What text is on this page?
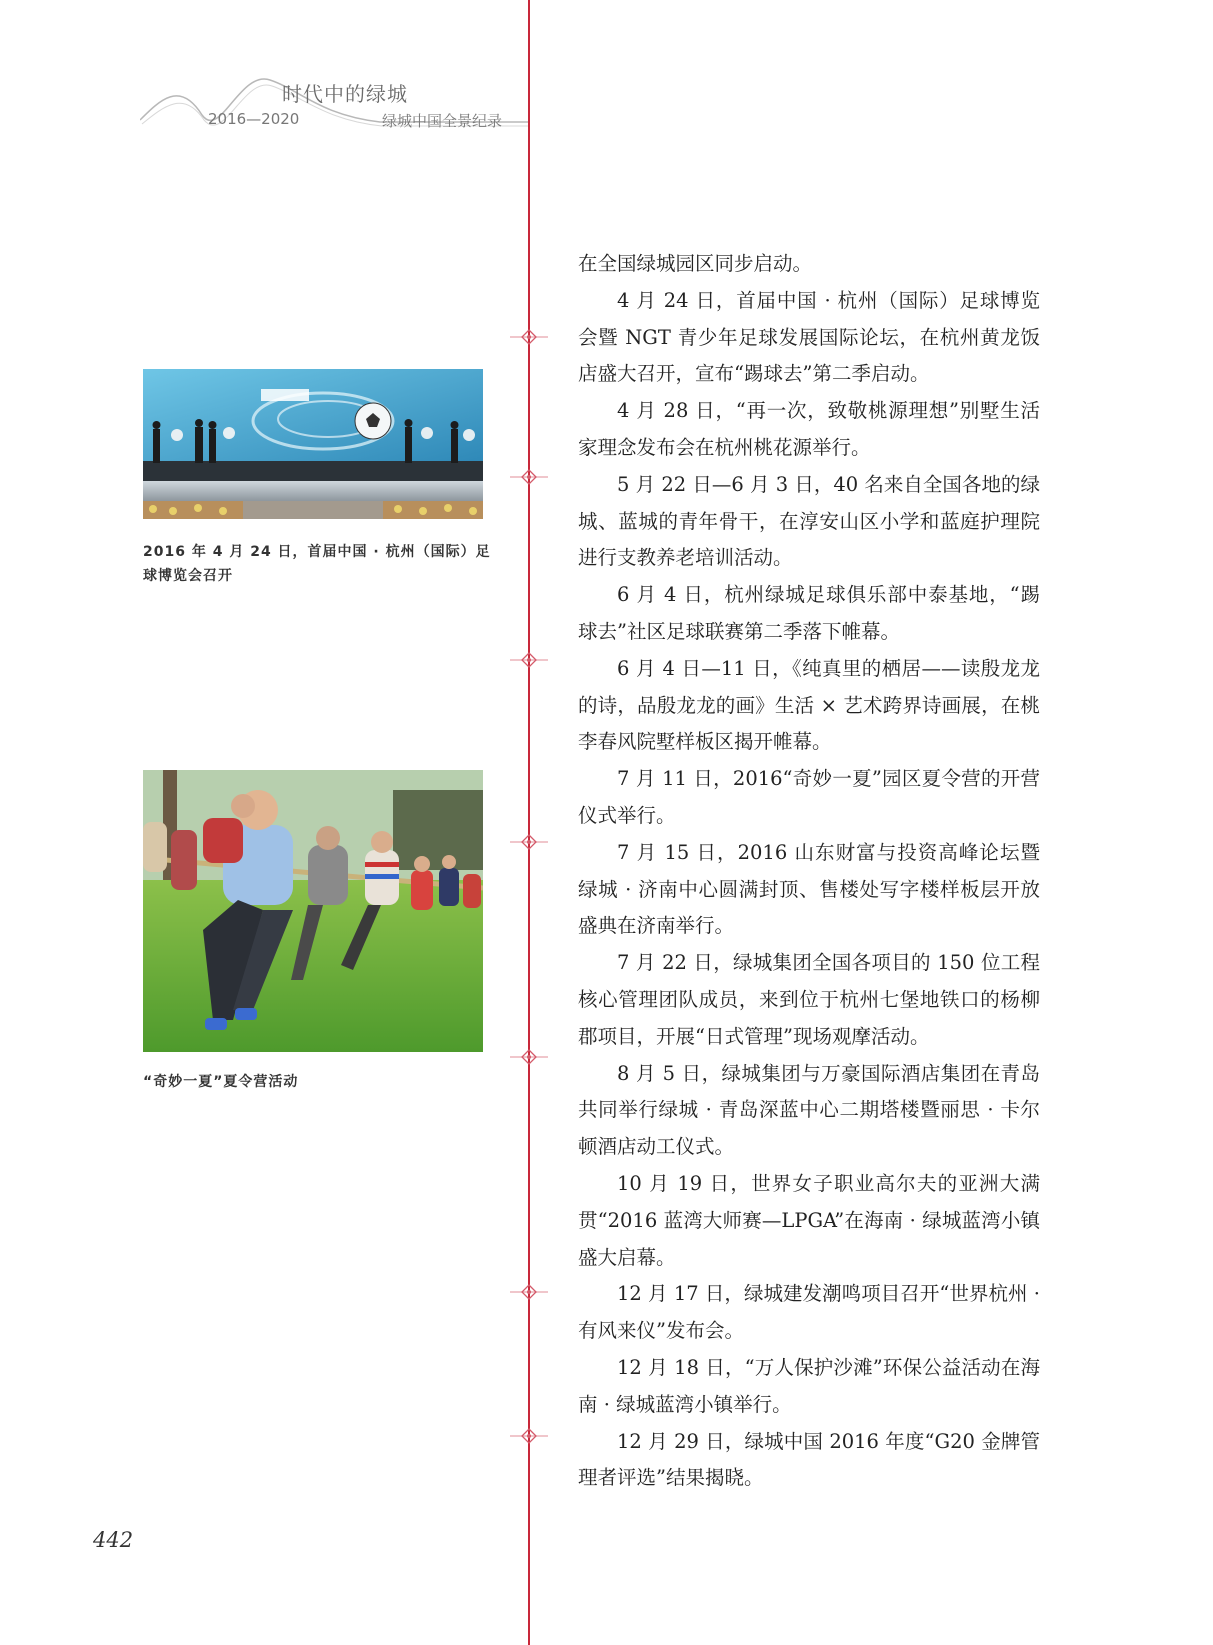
时代中的绿城
2016—2020	绿城中国全景纪录
2016 年 4 月 24 日，首届中国 · 杭州（国际）足球博览会召开
“奇妙一夏”夏令营活动

在全国绿城园区同步启动。

4 月 24 日，首届中国 · 杭州（国际）足球博览会暨 NGT 青少年足球发展国际论坛，在杭州黄龙饭店盛大召开，宣布“踢球去”第二季启动。

4 月 28 日，“再一次，致敬桃源理想”别墅生活家理念发布会在杭州桃花源举行。

5 月 22 日—6 月 3 日，40 名来自全国各地的绿城、蓝城的青年骨干，在淳安山区小学和蓝庭护理院进行支教养老培训活动。

6 月 4 日，杭州绿城足球俱乐部中泰基地，“踢球去”社区足球联赛第二季落下帷幕。

6 月 4 日—11 日，《纯真里的栖居——读殷龙龙的诗，品殷龙龙的画》生活 × 艺术跨界诗画展，在桃李春风院墅样板区揭开帷幕。

7 月 11 日，2016“奇妙一夏”园区夏令营的开营仪式举行。

7 月 15 日，2016 山东财富与投资高峰论坛暨绿城 · 济南中心圆满封顶、售楼处写字楼样板层开放盛典在济南举行。

7 月 22 日，绿城集团全国各项目的 150 位工程核心管理团队成员，来到位于杭州七堡地铁口的杨柳郡项目，开展“日式管理”现场观摩活动。

8 月 5 日，绿城集团与万豪国际酒店集团在青岛共同举行绿城 · 青岛深蓝中心二期塔楼暨丽思 · 卡尔顿酒店动工仪式。

10 月 19 日，世界女子职业高尔夫的亚洲大满贯“2016 蓝湾大师赛—LPGA”在海南 · 绿城蓝湾小镇盛大启幕。

12 月 17 日，绿城建发潮鸣项目召开“世界杭州 · 有风来仪”发布会。

12 月 18 日，“万人保护沙滩”环保公益活动在海南 · 绿城蓝湾小镇举行。

12 月 29 日，绿城中国 2016 年度“G20 金牌管理者评选”结果揭晓。

442
